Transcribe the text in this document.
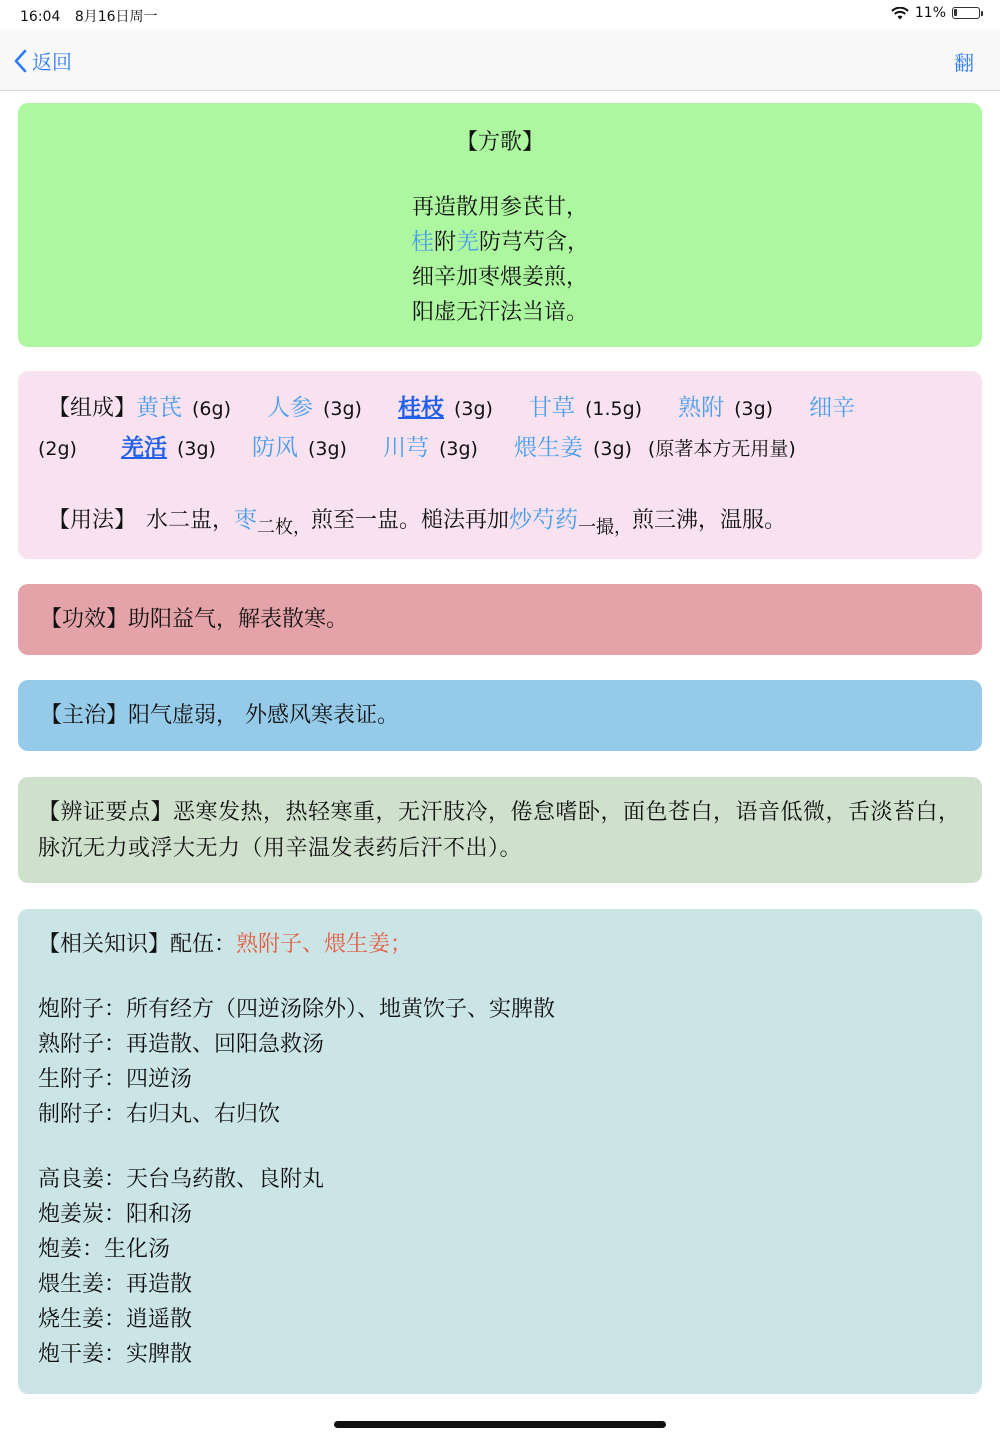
16:04 8月16日周一	11%
返回	翻
【方歌】
再造散用参芪甘，
桂附羌防芎芍含，
细辛加枣煨姜煎，
阳虚无汗法当谙。
【组成】 黄芪 (6g) 人参 (3g) 桂枝 (3g) 甘草 (1.5g) 熟附 (3g) 细辛
(2g) 羌活 (3g) 防风 (3g) 川芎 (3g) 煨生姜 (3g) (原著本方无用量)
【用法】 水二盅， 枣 二枚， 煎至一盅。槌法再加 炒芍药 一撮， 煎三沸，温服。
【功效】助阳益气，解表散寒。
【主治】阳气虚弱， 外感风寒表证。
【辨证要点】恶寒发热，热轻寒重，无汗肢冷，倦怠嗜卧，面色苍白，语音低微，舌淡苔白，脉沉无力或浮大无力（用辛温发表药后汗不出）。
【相关知识】配伍：熟附子、煨生姜；
炮附子：所有经方（四逆汤除外）、地黄饮子、实脾散
熟附子：再造散、回阳急救汤
生附子：四逆汤
制附子：右归丸、右归饮
高良姜：天台乌药散、良附丸
炮姜炭：阳和汤
炮姜：生化汤
煨生姜：再造散
烧生姜：逍遥散
炮干姜：实脾散
